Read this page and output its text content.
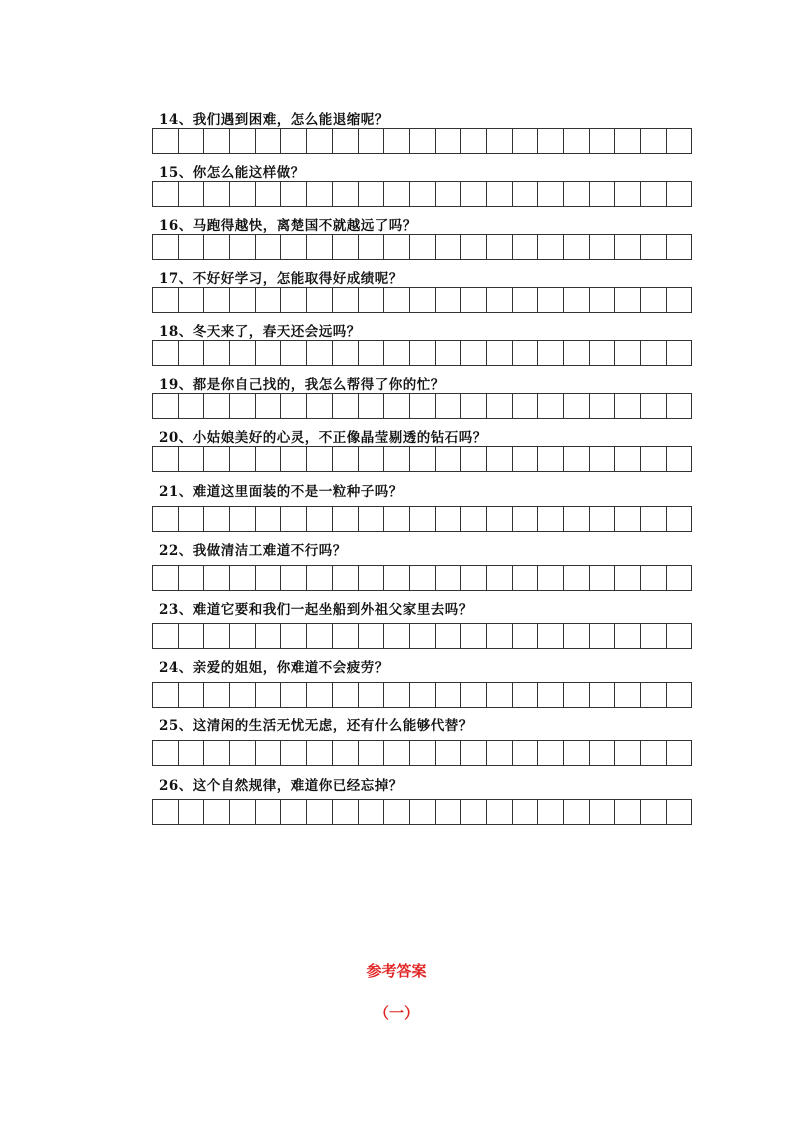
14、我们遇到困难，怎么能退缩呢？
15、你怎么能这样做？
16、马跑得越快，离楚国不就越远了吗？
17、不好好学习，怎能取得好成绩呢？
18、冬天来了，春天还会远吗？
19、都是你自己找的，我怎么帮得了你的忙？
20、小姑娘美好的心灵，不正像晶莹剔透的钻石吗？
21、难道这里面装的不是一粒种子吗？
22、我做清洁工难道不行吗？
23、难道它要和我们一起坐船到外祖父家里去吗？
24、亲爱的姐姐，你难道不会疲劳？
25、这清闲的生活无忧无虑，还有什么能够代替？
26、这个自然规律，难道你已经忘掉？
参考答案
（一）
